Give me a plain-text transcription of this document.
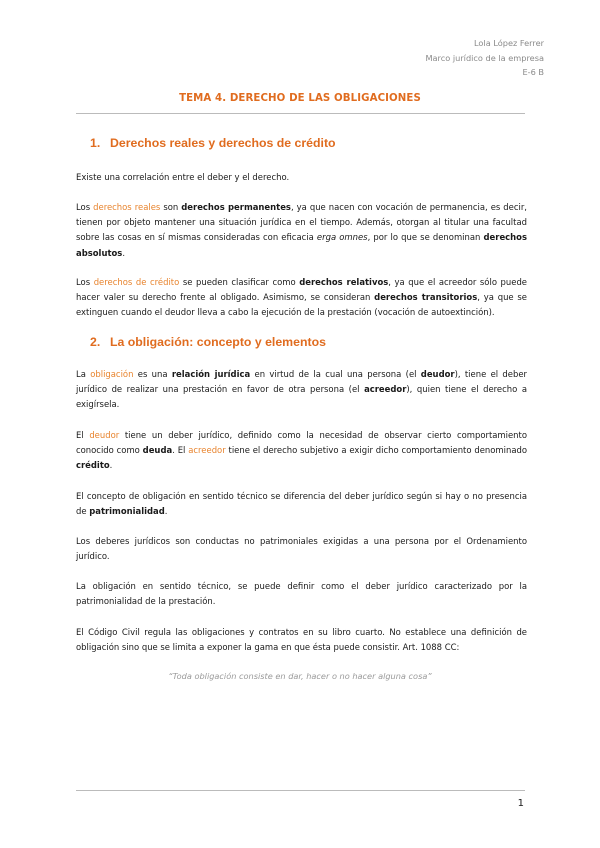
Lola López Ferrer
Marco jurídico de la empresa
E-6 B
TEMA 4. DERECHO DE LAS OBLIGACIONES
1. Derechos reales y derechos de crédito
Existe una correlación entre el deber y el derecho.
Los derechos reales son derechos permanentes, ya que nacen con vocación de permanencia, es decir, tienen por objeto mantener una situación jurídica en el tiempo. Además, otorgan al titular una facultad sobre las cosas en sí mismas consideradas con eficacia erga omnes, por lo que se denominan derechos absolutos.
Los derechos de crédito se pueden clasificar como derechos relativos, ya que el acreedor sólo puede hacer valer su derecho frente al obligado. Asimismo, se consideran derechos transitorios, ya que se extinguen cuando el deudor lleva a cabo la ejecución de la prestación (vocación de autoextinción).
2. La obligación: concepto y elementos
La obligación es una relación jurídica en virtud de la cual una persona (el deudor), tiene el deber jurídico de realizar una prestación en favor de otra persona (el acreedor), quien tiene el derecho a exigírsela.
El deudor tiene un deber jurídico, definido como la necesidad de observar cierto comportamiento conocido como deuda. El acreedor tiene el derecho subjetivo a exigir dicho comportamiento denominado crédito.
El concepto de obligación en sentido técnico se diferencia del deber jurídico según si hay o no presencia de patrimonialidad.
Los deberes jurídicos son conductas no patrimoniales exigidas a una persona por el Ordenamiento jurídico.
La obligación en sentido técnico, se puede definir como el deber jurídico caracterizado por la patrimonialidad de la prestación.
El Código Civil regula las obligaciones y contratos en su libro cuarto. No establece una definición de obligación sino que se limita a exponer la gama en que ésta puede consistir. Art. 1088 CC:
“Toda obligación consiste en dar, hacer o no hacer alguna cosa”
1
